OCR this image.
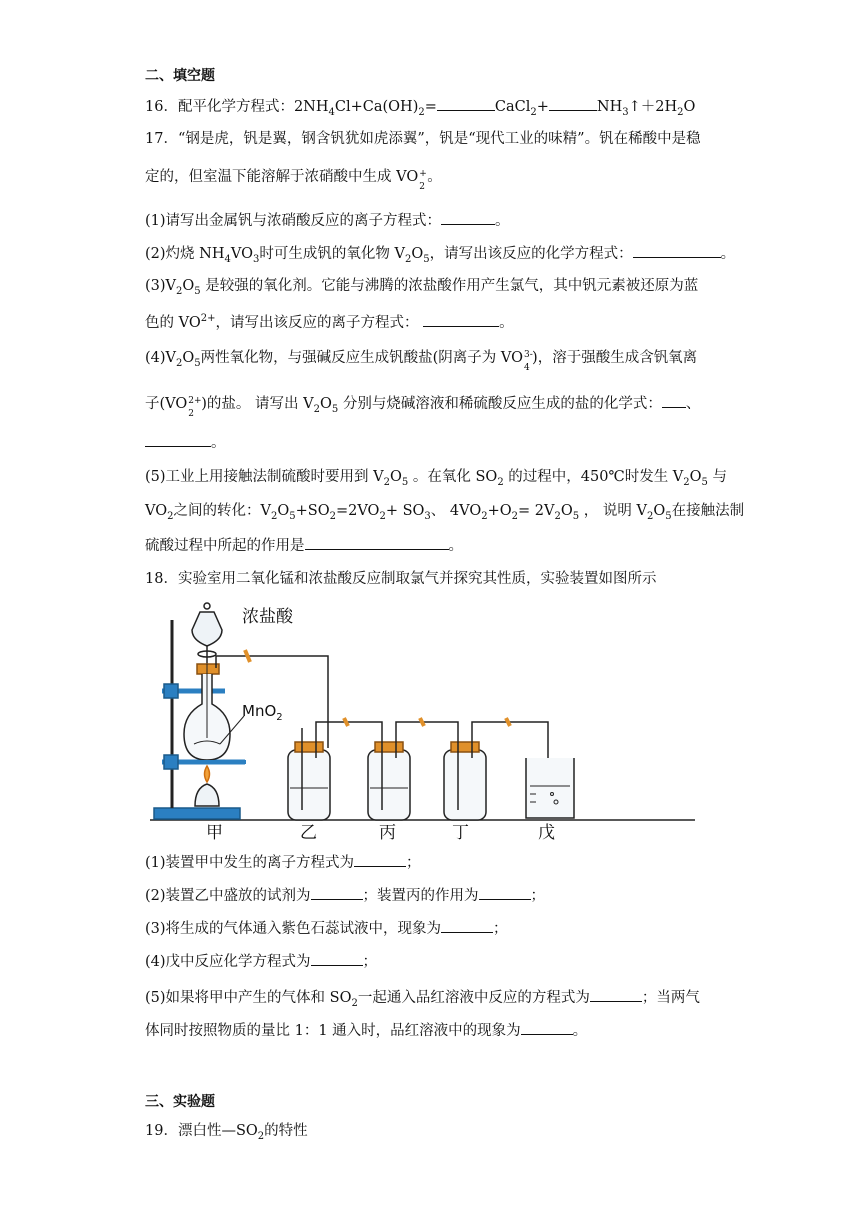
二、填空题
16．配平化学方程式：$2NH_4Cl+Ca(OH)_2=$	CaCl$_2$+	$NH_3↑+2H_2O$
17．“钢是虎，钒是翼，钢含钒犹如虎添翼”，钒是“现代工业的味精”。钒在稀酸中是稳
定的，但室温下能溶解于浓硝酸中生成 VO +
2
。
(1)请写出金属钒与浓硝酸反应的离子方程式：	。
(2)灼烧 $NH_4VO_3$时可生成钒的氧化物 $V_2O_5$，请写出该反应的化学方程式：	。
$(3)V_2O_5$ 是较强的氧化剂。它能与沸腾的浓盐酸作用产生氯气，其中钒元素被还原为蓝
色的 $VO^{2+}$，请写出该反应的离子方程式：	。
$(4)V_2O_5$两性氧化物，与强碱反应生成钒酸盐(阴离子为 VO 3-
4
)，溶于强酸生成含钒氧离
子(VO 2+
2
)的盐。 请写出 $V_2O_5$ 分别与烧碱溶液和稀硫酸反应生成的盐的化学式： 、
。
(5)工业上用接触法制硫酸时要用到 $V_2O_5$ 。在氧化 $SO_2$ 的过程中，450℃时发生 $V_2O_5$ 与
$VO_2$之间的转化：$V_2O_5+SO_2=2VO_2+ SO_3$、 $4VO_2+O_2= 2V_2O_5$ ， 说明 $V_2O_5$在接触法制
硫酸过程中所起的作用是	。
18．实验室用二氧化锰和浓盐酸反应制取氯气并探究其性质，实验装置如图所示
浓盐酸
MnO$_2$
甲	乙	丙	丁	戊
(1)装置甲中发生的离子方程式为	；
(2)装置乙中盛放的试剂为	；装置丙的作用为	；
(3)将生成的气体通入紫色石蕊试液中，现象为	；
(4)戊中反应化学方程式为	；
(5)如果将甲中产生的气体和 $SO_2$一起通入品红溶液中反应的方程式为	；当两气
体同时按照物质的量比 1：1 通入时，品红溶液中的现象为	。
三、实验题
19．漂白性$—SO_2$的特性
